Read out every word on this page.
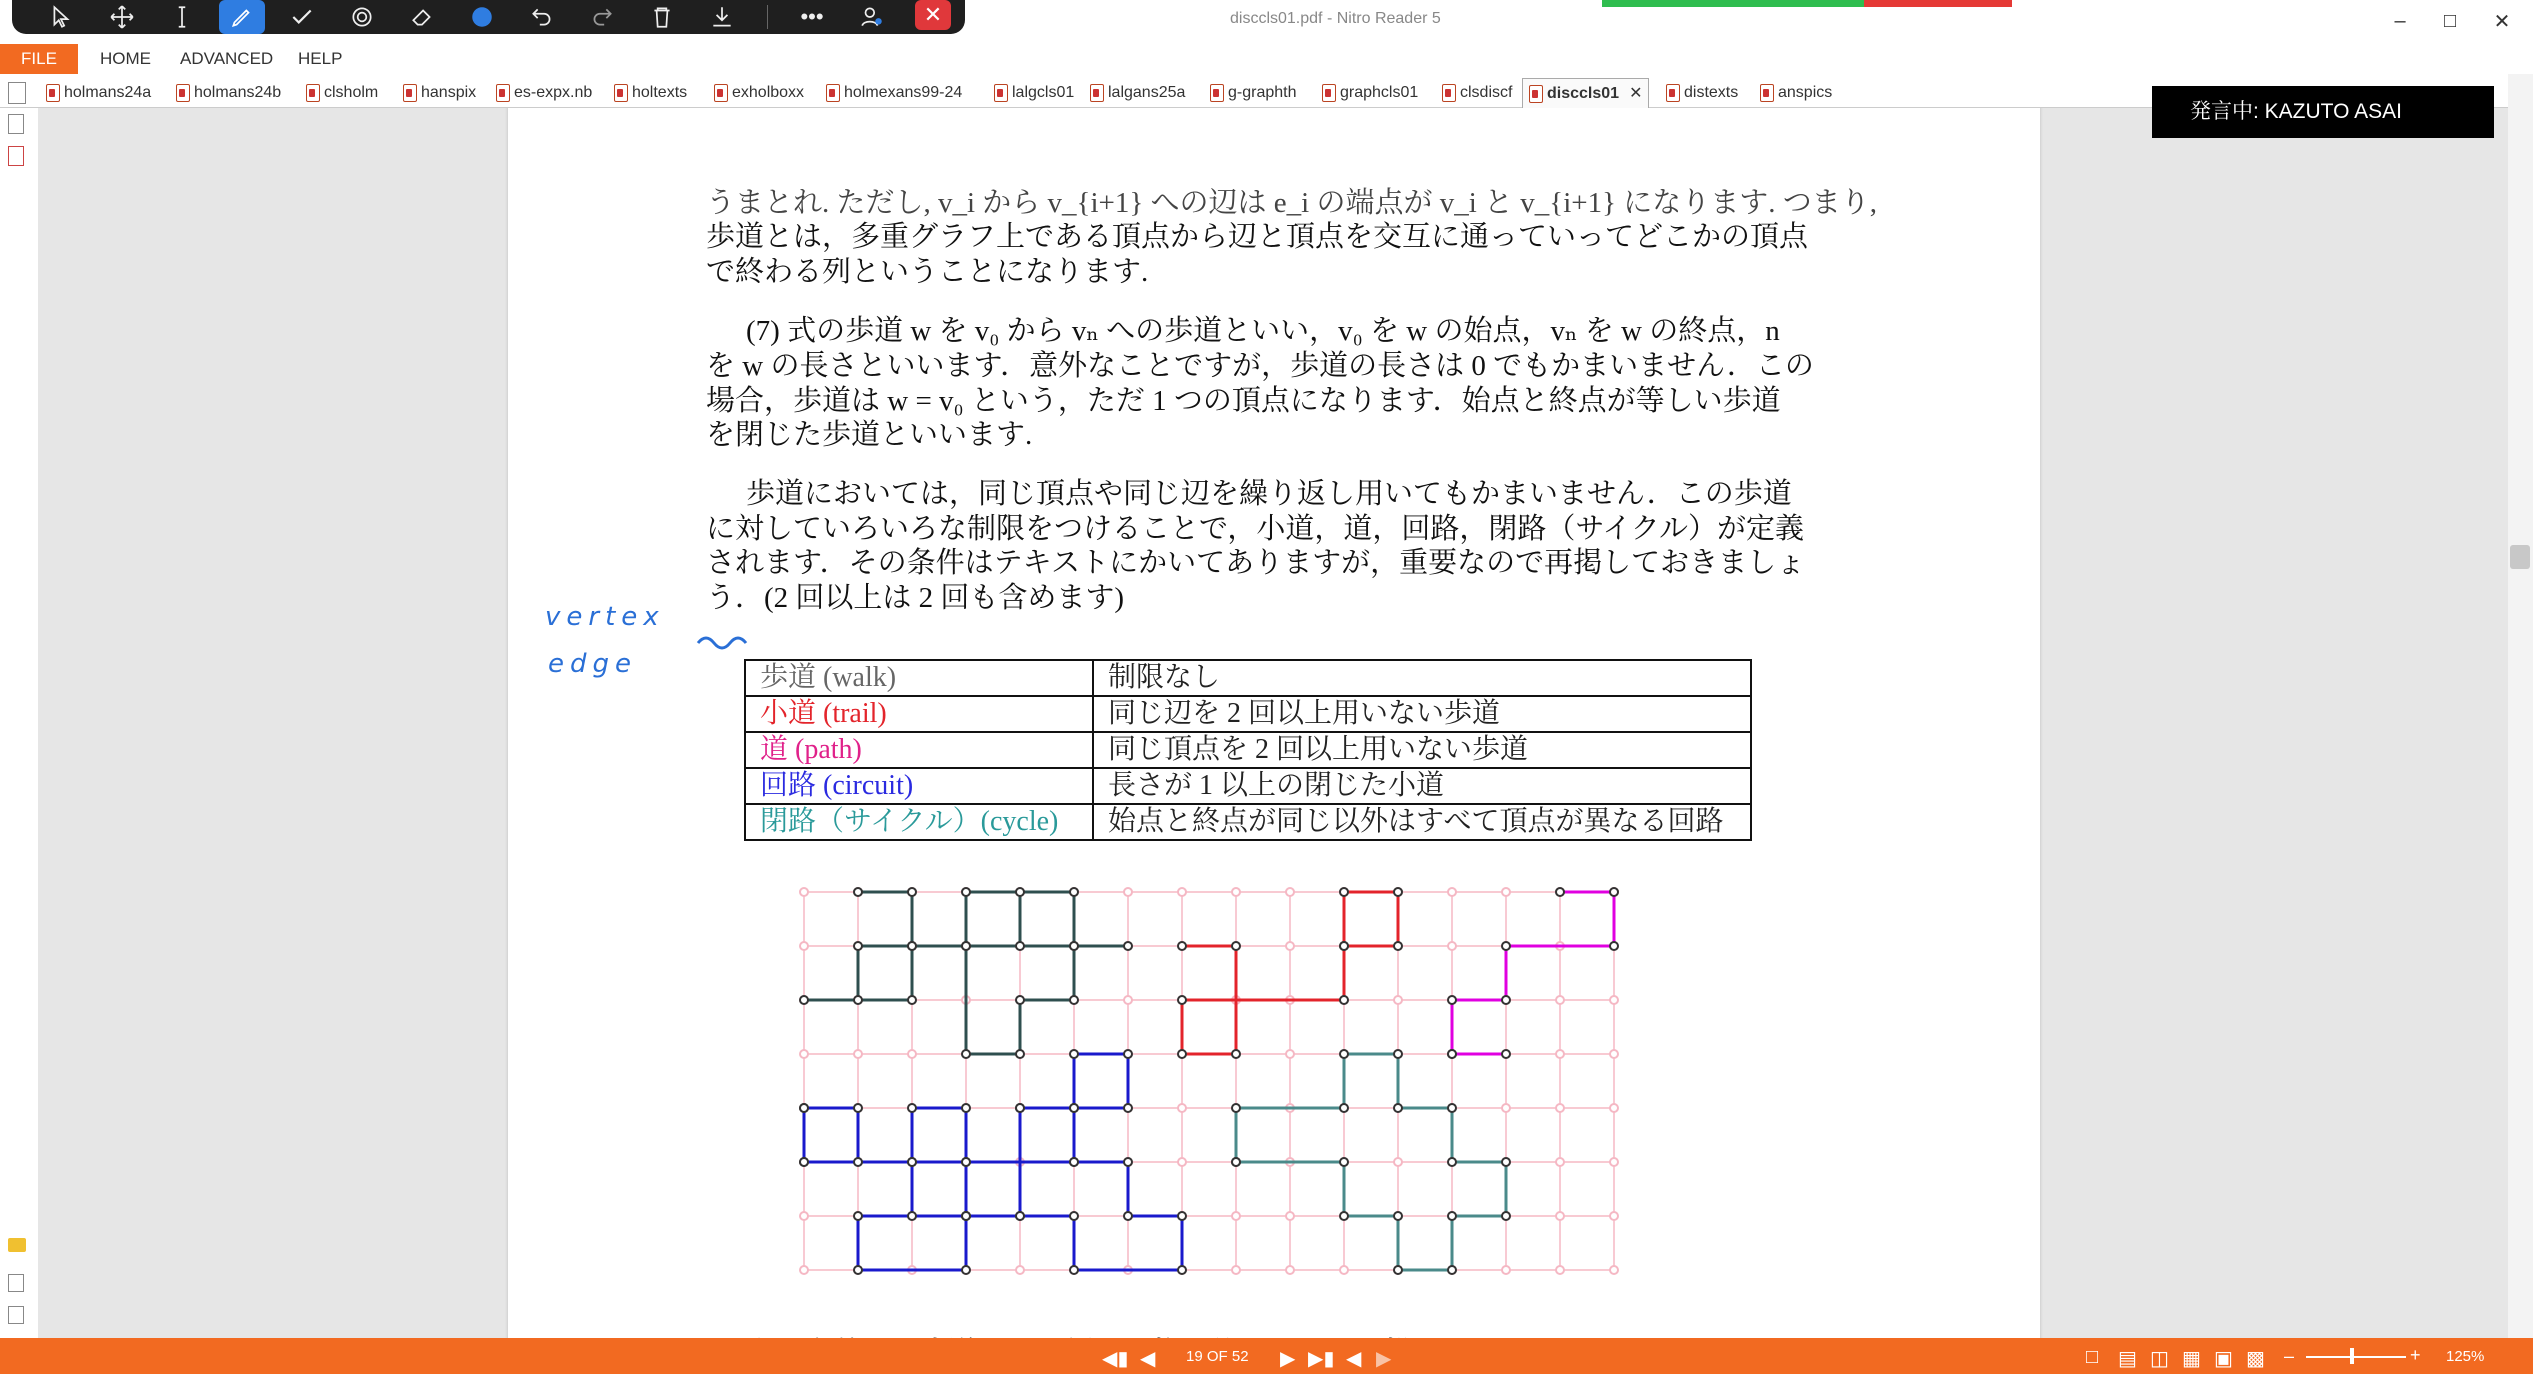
disccls01.pdf - Nitro Reader 5	–	□	✕
•••	✕
FILE	HOME ADVANCED HELP
holmans24a	holmans24b	clsholm	hanspix es-expx.nb holtexts	exholboxx holmexans99-24	lalgcls01 lalgans25a	g-graphth	graphcls01	clsdiscf disccls01 ✕	distexts anspics
うまとれ. ただし, v_i から v_{i+1} への辺は e_i の端点が v_i と v_{i+1} になります. つまり,
歩道とは，多重グラフ上である頂点から辺と頂点を交互に通っていってどこかの頂点
で終わる列ということになります.
(7) 式の歩道 w を v₀ から vₙ への歩道といい，v₀ を w の始点，vₙ を w の終点，n
を w の長さといいます．意外なことですが，歩道の長さは 0 でもかまいません．この
場合，歩道は w = v₀ という，ただ 1 つの頂点になります．始点と終点が等しい歩道
を閉じた歩道といいます.
歩道においては，同じ頂点や同じ辺を繰り返し用いてもかまいません．この歩道
に対していろいろな制限をつけることで，小道，道，回路，閉路（サイクル）が定義
されます．その条件はテキストにかいてありますが，重要なので再掲しておきましょ
う．(2 回以上は 2 回も含めます)
歩道 (walk)	制限なし
小道 (trail)	同じ辺を 2 回以上用いない歩道
道 (path)	同じ頂点を 2 回以上用いない歩道
回路 (circuit)	長さが 1 以上の閉じた小道
閉路（サイクル）(cycle)	始点と終点が同じ以外はすべて頂点が異なる回路
vertex
edge
発言中: KAZUTO ASAI
◀▮ ◀ 19 OF 52 ▶ ▶▮ ◀ ▶	□ ▤ ◫ ▦ ▣ ▩ –	+ 125%
